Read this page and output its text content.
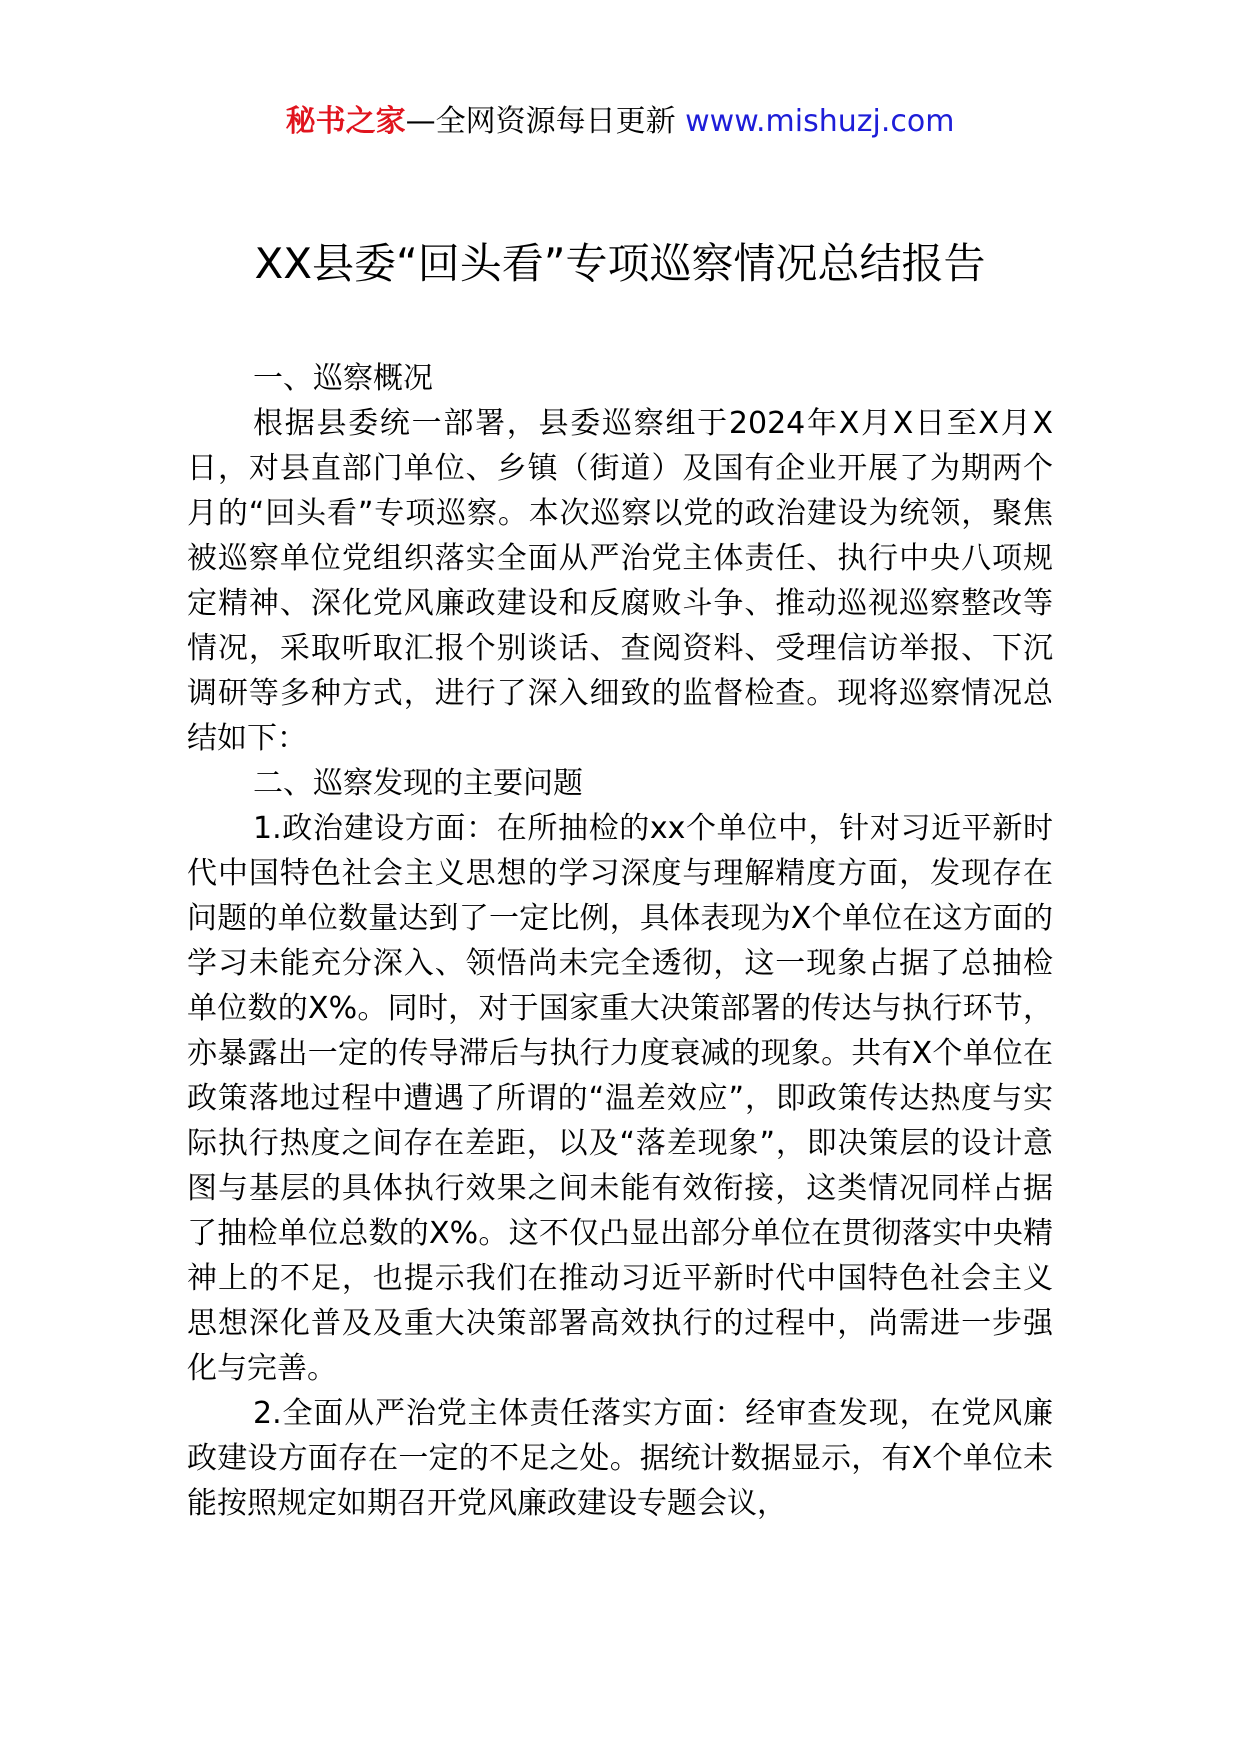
秘书之家—全网资源每日更新 www.mishuzj.com
XX县委“回头看”专项巡察情况总结报告

一、巡察概况

根据县委统一部署，县委巡察组于2024年X月X日至X月X日，对县直部门单位、乡镇（街道）及国有企业开展了为期两个月的“回头看”专项巡察。本次巡察以党的政治建设为统领，聚焦被巡察单位党组织落实全面从严治党主体责任、执行中央八项规定精神、深化党风廉政建设和反腐败斗争、推动巡视巡察整改等情况，采取听取汇报个别谈话、查阅资料、受理信访举报、下沉调研等多种方式，进行了深入细致的监督检查。现将巡察情况总结如下：

二、巡察发现的主要问题

1.政治建设方面：在所抽检的xx个单位中，针对习近平新时代中国特色社会主义思想的学习深度与理解精度方面，发现存在问题的单位数量达到了一定比例，具体表现为X个单位在这方面的学习未能充分深入、领悟尚未完全透彻，这一现象占据了总抽检单位数的X%。同时，对于国家重大决策部署的传达与执行环节，亦暴露出一定的传导滞后与执行力度衰减的现象。共有X个单位在政策落地过程中遭遇了所谓的“温差效应”，即政策传达热度与实际执行热度之间存在差距，以及“落差现象”，即决策层的设计意图与基层的具体执行效果之间未能有效衔接，这类情况同样占据了抽检单位总数的X%。这不仅凸显出部分单位在贯彻落实中央精神上的不足，也提示我们在推动习近平新时代中国特色社会主义思想深化普及及重大决策部署高效执行的过程中，尚需进一步强化与完善。

2.全面从严治党主体责任落实方面：经审查发现，在党风廉政建设方面存在一定的不足之处。据统计数据显示，有X个单位未能按照规定如期召开党风廉政建设专题会议，
